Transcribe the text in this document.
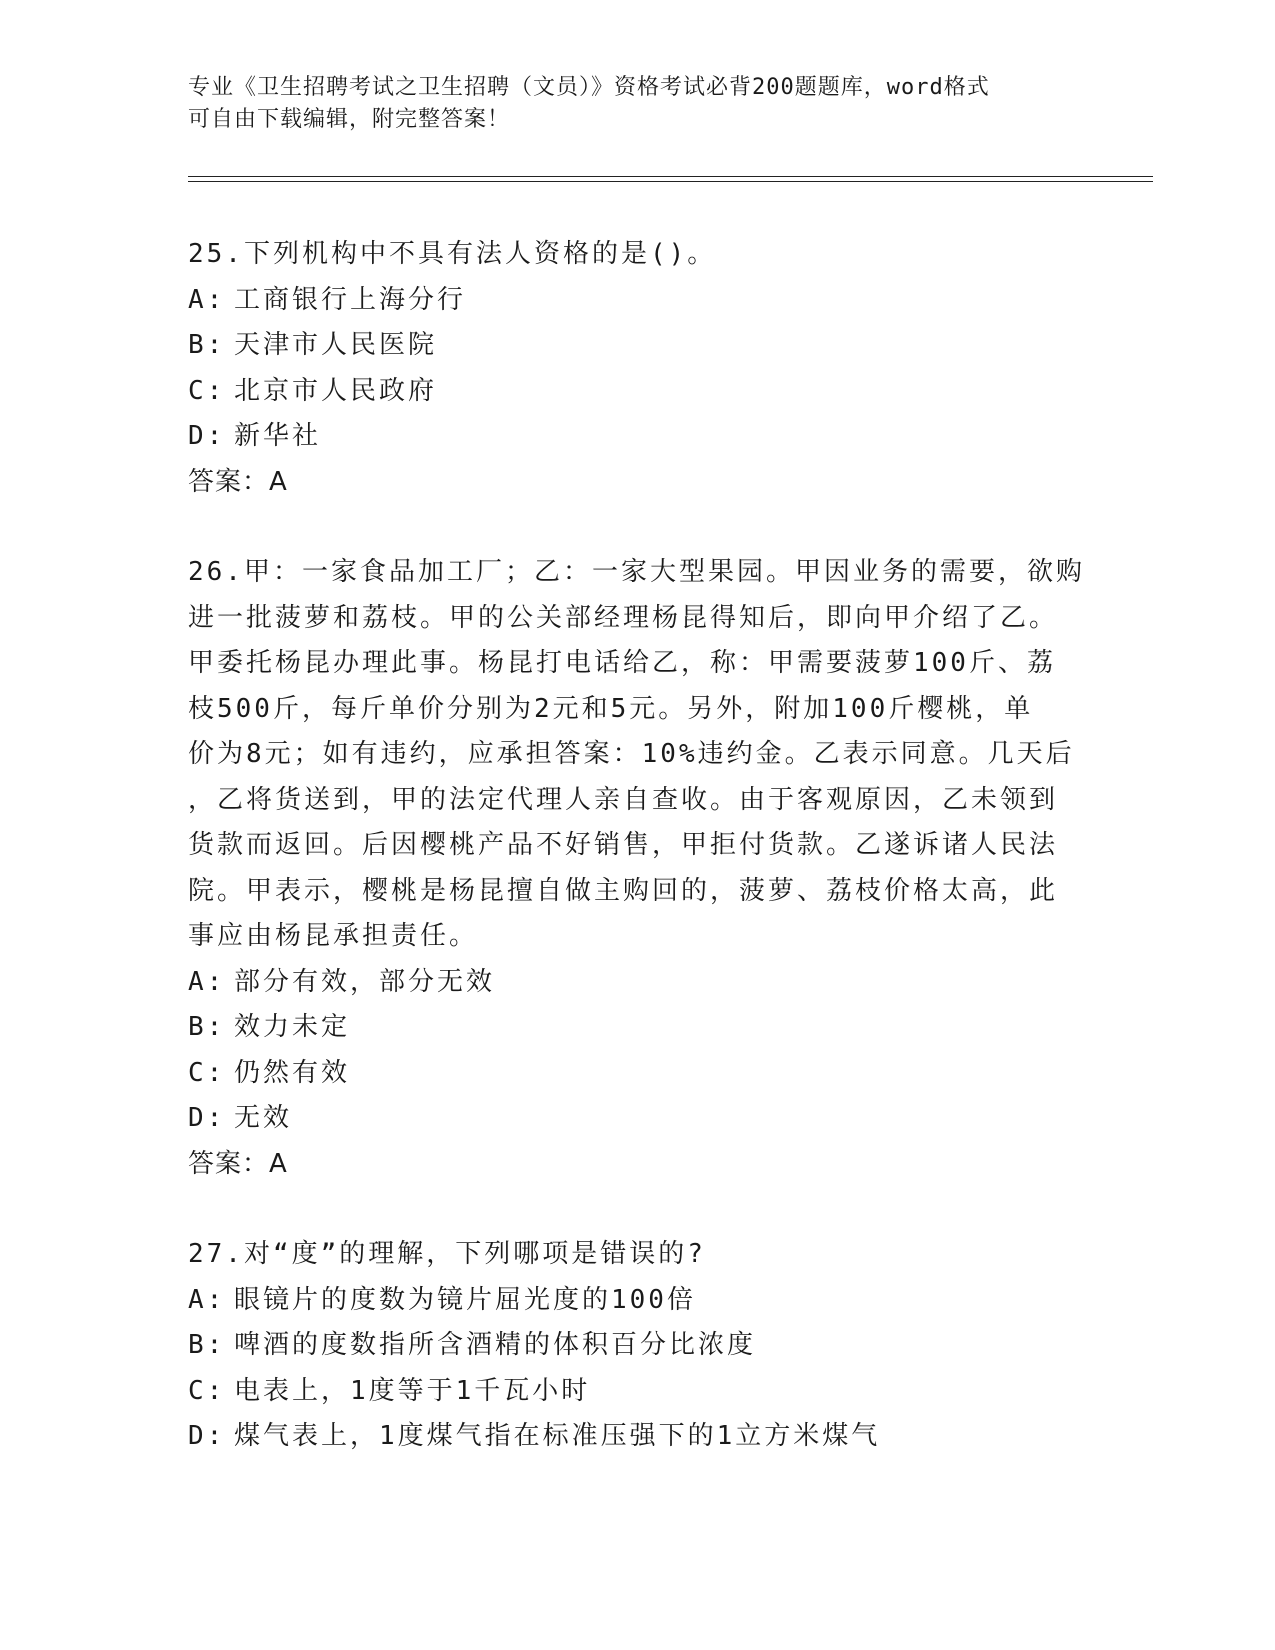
专业《卫生招聘考试之卫生招聘（文员）》资格考试必背200题题库，word格式
可自由下载编辑，附完整答案！

25.下列机构中不具有法人资格的是()。

A: 工商银行上海分行

B: 天津市人民医院

C: 北京市人民政府

D: 新华社

答案：A

26.甲：一家食品加工厂；乙：一家大型果园。甲因业务的需要，欲购

进一批菠萝和荔枝。甲的公关部经理杨昆得知后，即向甲介绍了乙。

甲委托杨昆办理此事。杨昆打电话给乙，称：甲需要菠萝100斤、荔

枝500斤，每斤单价分别为2元和5元。另外，附加100斤樱桃，单

价为8元；如有违约，应承担答案：10%违约金。乙表示同意。几天后

，乙将货送到，甲的法定代理人亲自查收。由于客观原因，乙未领到

货款而返回。后因樱桃产品不好销售，甲拒付货款。乙遂诉诸人民法

院。甲表示，樱桃是杨昆擅自做主购回的，菠萝、荔枝价格太高，此

事应由杨昆承担责任。

A: 部分有效，部分无效

B: 效力未定

C: 仍然有效

D: 无效

答案：A

27.对“度”的理解，下列哪项是错误的?

A: 眼镜片的度数为镜片屈光度的100倍

B: 啤酒的度数指所含酒精的体积百分比浓度

C: 电表上，1度等于1千瓦小时

D: 煤气表上，1度煤气指在标准压强下的1立方米煤气
